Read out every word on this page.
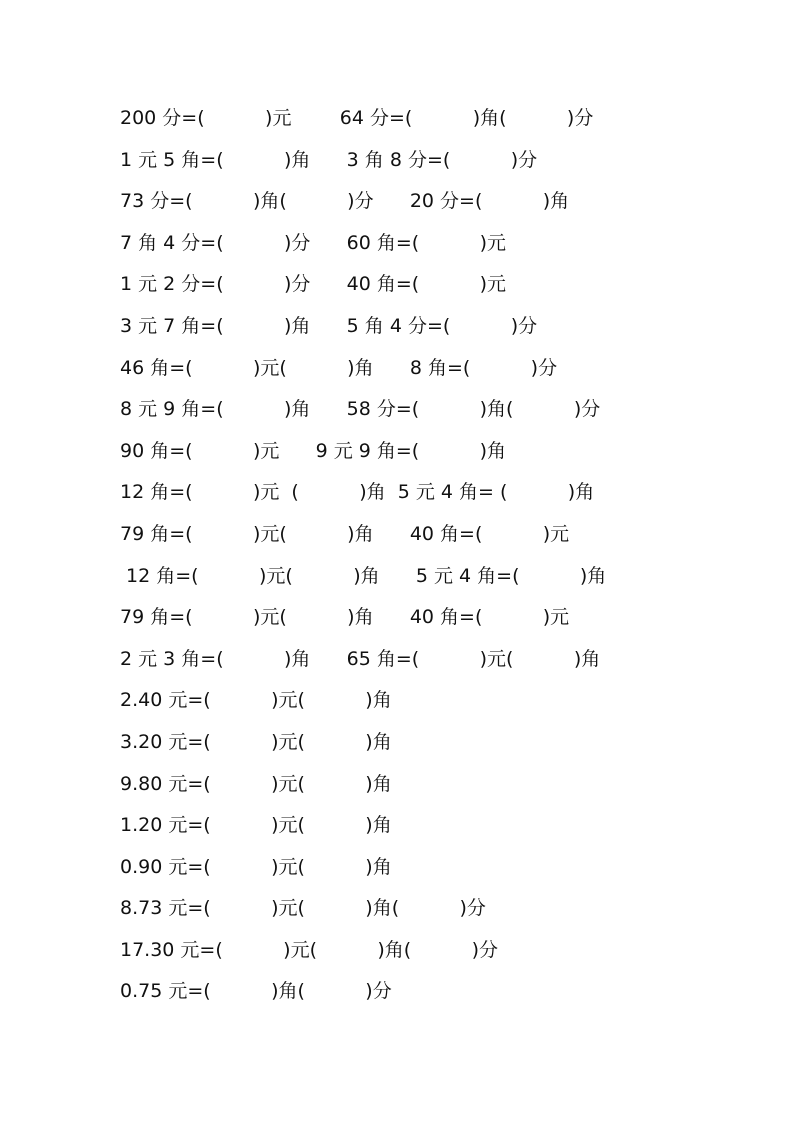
200 分=(          )元        64 分=(          )角(          )分
1 元 5 角=(          )角      3 角 8 分=(          )分
73 分=(          )角(          )分      20 分=(          )角
7 角 4 分=(          )分      60 角=(          )元
1 元 2 分=(          )分      40 角=(          )元
3 元 7 角=(          )角      5 角 4 分=(          )分
46 角=(          )元(          )角      8 角=(          )分
8 元 9 角=(          )角      58 分=(          )角(          )分
90 角=(          )元      9 元 9 角=(          )角
12 角=(          )元  (          )角  5 元 4 角= (          )角
79 角=(          )元(          )角      40 角=(          )元
12 角=(          )元(          )角      5 元 4 角=(          )角
79 角=(          )元(          )角      40 角=(          )元
2 元 3 角=(          )角      65 角=(          )元(          )角
2.40 元=(          )元(          )角
3.20 元=(          )元(          )角
9.80 元=(          )元(          )角
1.20 元=(          )元(          )角
0.90 元=(          )元(          )角
8.73 元=(          )元(          )角(          )分
17.30 元=(          )元(          )角(          )分
0.75 元=(          )角(          )分
